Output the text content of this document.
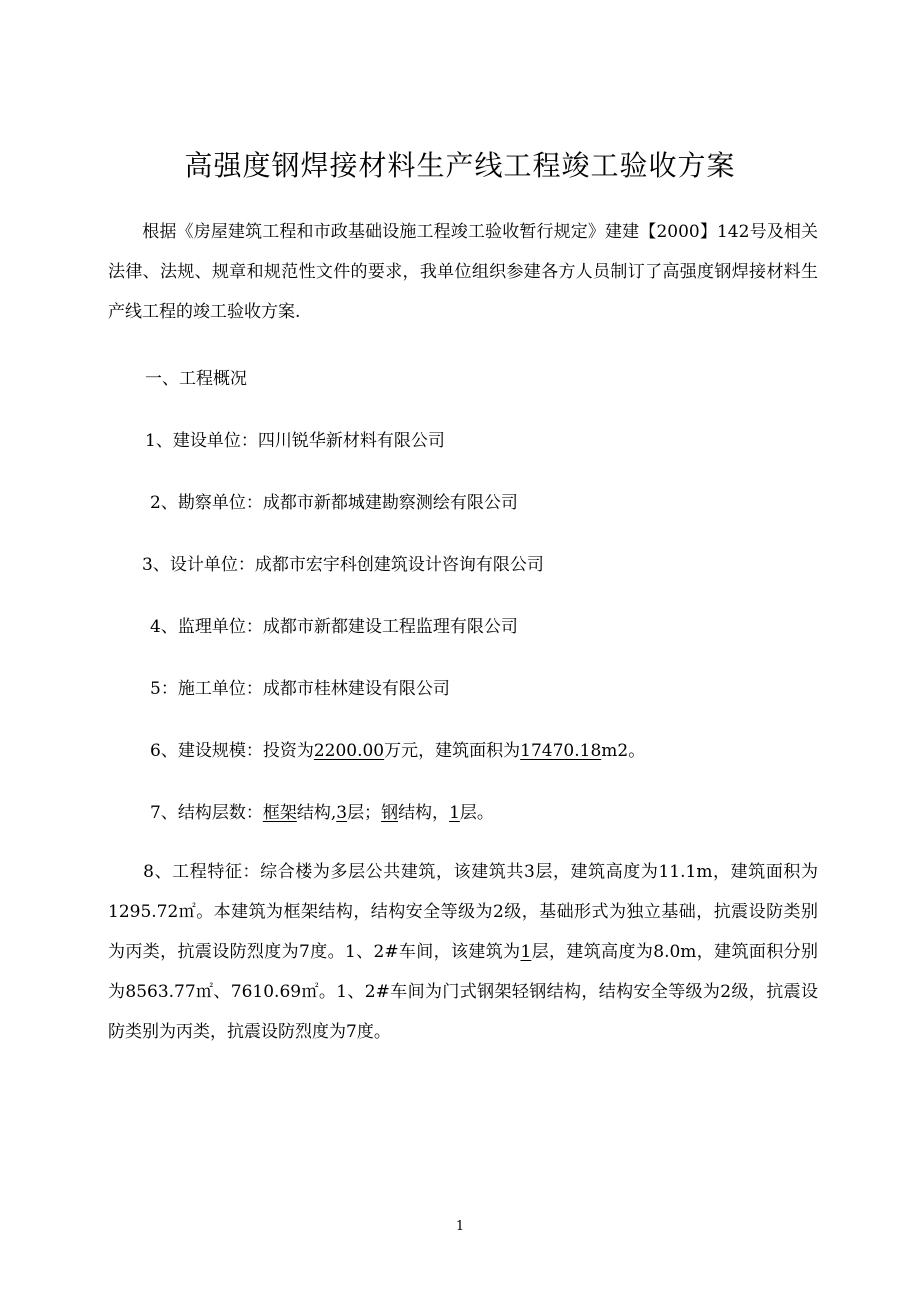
高强度钢焊接材料生产线工程竣工验收方案

　　根据《房屋建筑工程和市政基础设施工程竣工验收暂行规定》建建【2000】142号及相关法律、法规、规章和规范性文件的要求，我单位组织参建各方人员制订了高强度钢焊接材料生产线工程的竣工验收方案.

一、工程概况

1、建设单位：四川锐华新材料有限公司

2、勘察单位：成都市新都城建勘察测绘有限公司

3、设计单位：成都市宏宇科创建筑设计咨询有限公司

4、监理单位：成都市新都建设工程监理有限公司

5：施工单位：成都市桂林建设有限公司

6、建设规模：投资为2200.00万元，建筑面积为17470.18m2。

7、结构层数：框架结构,3层；钢结构，1层。

　　8、工程特征：综合楼为多层公共建筑，该建筑共3层，建筑高度为11.1m，建筑面积为1295.72㎡。本建筑为框架结构，结构安全等级为2级，基础形式为独立基础，抗震设防类别为丙类，抗震设防烈度为7度。1、2#车间，该建筑为1层，建筑高度为8.0m，建筑面积分别为8563.77㎡、7610.69㎡。1、2#车间为门式钢架轻钢结构，结构安全等级为2级，抗震设防类别为丙类，抗震设防烈度为7度。

1
